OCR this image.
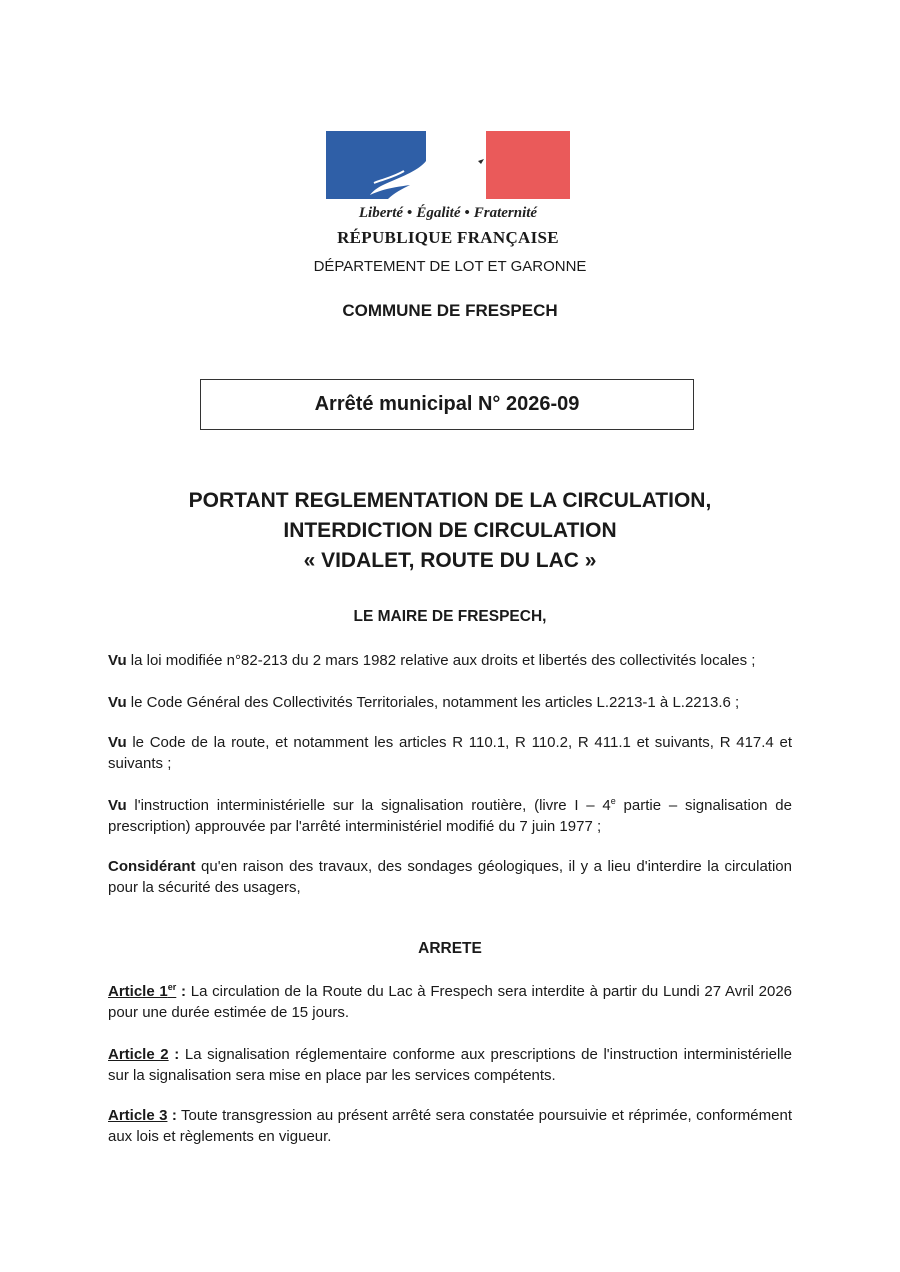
Liberté • Égalité • Fraternité
RÉPUBLIQUE FRANÇAISE
DÉPARTEMENT DE LOT ET GARONNE
COMMUNE DE FRESPECH
Arrêté municipal N° 2026-09
PORTANT REGLEMENTATION DE LA CIRCULATION,
INTERDICTION DE CIRCULATION
« VIDALET, ROUTE DU LAC »
LE MAIRE DE FRESPECH,
Vu la loi modifiée n°82-213 du 2 mars 1982 relative aux droits et libertés des collectivités locales ;
Vu le Code Général des Collectivités Territoriales, notamment les articles L.2213-1 à L.2213.6 ;
Vu le Code de la route, et notamment les articles R 110.1, R 110.2, R 411.1 et suivants, R 417.4 et suivants ;
Vu l'instruction interministérielle sur la signalisation routière, (livre I – 4e partie – signalisation de prescription) approuvée par l'arrêté interministériel modifié du 7 juin 1977 ;
Considérant qu'en raison des travaux, des sondages géologiques, il y a lieu d'interdire la circulation pour la sécurité des usagers,
ARRETE
Article 1er : La circulation de la Route du Lac à Frespech sera interdite à partir du Lundi 27 Avril 2026 pour une durée estimée de 15 jours.
Article 2 : La signalisation réglementaire conforme aux prescriptions de l'instruction interministérielle sur la signalisation sera mise en place par les services compétents.
Article 3 : Toute transgression au présent arrêté sera constatée poursuivie et réprimée, conformément aux lois et règlements en vigueur.
